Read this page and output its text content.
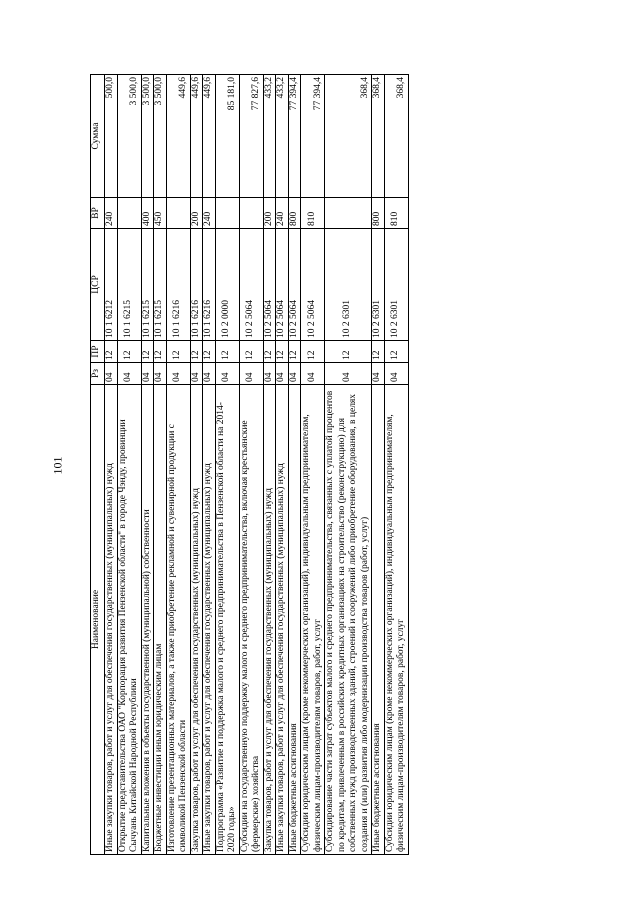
101
Наименование	Рз	ПР	ЦСР	ВР	Сумма
Иные закупки товаров, работ и услуг для обеспечения государственных (муниципальных) нужд	04	12	10 1 6212	240	500,0
Открытие представительства ОАО "Корпорация развития Пензенской области" в городе Чэнду, провинции Сычуань Китайской Народной Республики	04	12	10 1 6215		3 500,0
Капитальные вложения в объекты государственной (муниципальной) собственности	04	12	10 1 6215	400	3 500,0
Бюджетные инвестиции иным юридическим лицам	04	12	10 1 6215	450	3 500,0
Изготовление презентационных материалов, а также приобретение рекламной и сувенирной продукции с символикой Пензенской области	04	12	10 1 6216		449,6
Закупка товаров, работ и услуг для обеспечения государственных (муниципальных) нужд	04	12	10 1 6216	200	449,6
Иные закупки товаров, работ и услуг для обеспечения государственных (муниципальных) нужд	04	12	10 1 6216	240	449,6
Подпрограмма «Развитие и поддержка малого и среднего предпринимательства в Пензенской области на 2014-2020 годы»	04	12	10 2 0000		85 181,0
Субсидии на государственную поддержку малого и среднего предпринимательства, включая крестьянские (фермерские) хозяйства	04	12	10 2 5064		77 827,6
Закупка товаров, работ и услуг для обеспечения государственных (муниципальных) нужд	04	12	10 2 5064	200	433,2
Иные закупки товаров, работ и услуг для обеспечения государственных (муниципальных) нужд	04	12	10 2 5064	240	433,2
Иные бюджетные ассигнования	04	12	10 2 5064	800	77 394,4
Субсидии юридическим лицам (кроме некоммерческих организаций), индивидуальным предпринимателям, физическим лицам-производителям товаров, работ, услуг	04	12	10 2 5064	810	77 394,4
Субсидирование части затрат субъектов малого и среднего предпринимательства, связанных с уплатой процентов по кредитам, привлеченным в российских кредитных организациях на строительство (реконструкцию) для собственных нужд производственных зданий, строений и сооружений либо приобретение оборудования, в целях создания и (или) развития либо модернизации производства товаров (работ, услуг)	04	12	10 2 6301		368,4
Иные бюджетные ассигнования	04	12	10 2 6301	800	368,4
Субсидии юридическим лицам (кроме некоммерческих организаций), индивидуальным предпринимателям, физическим лицам-производителям товаров, работ, услуг	04	12	10 2 6301	810	368,4
